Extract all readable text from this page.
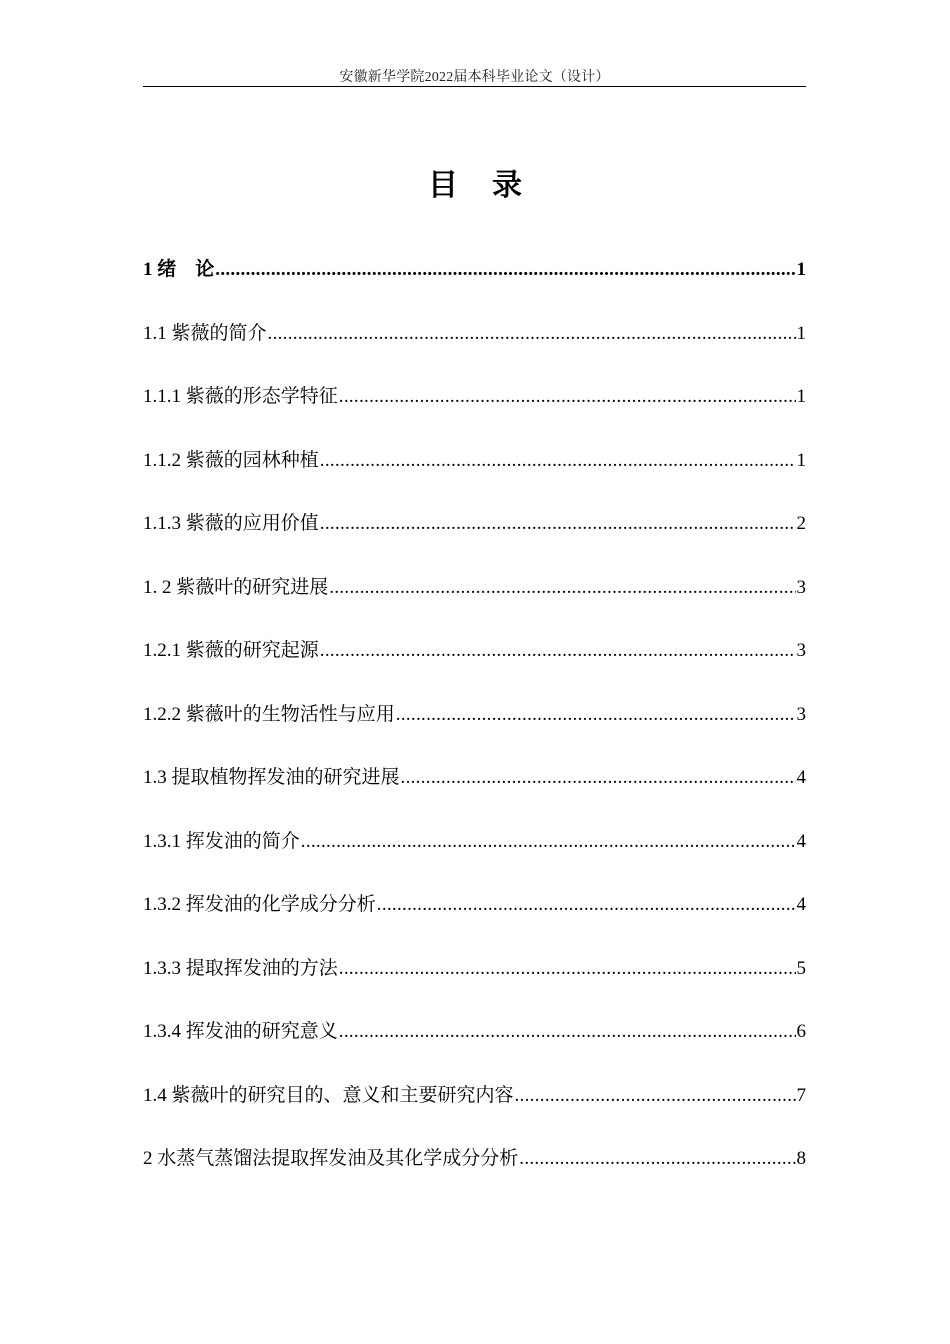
安徽新华学院2022届本科毕业论文（设计）
目录
1 绪　论 .....	1
1.1 紫薇的简介 .....	1
1.1.1 紫薇的形态学特征 .....	1
1.1.2 紫薇的园林种植 .....	1
1.1.3 紫薇的应用价值 .....	2
1. 2 紫薇叶的研究进展 .....	3
1.2.1 紫薇的研究起源 .....	3
1.2.2 紫薇叶的生物活性与应用 .....	3
1.3 提取植物挥发油的研究进展 .....	4
1.3.1 挥发油的简介 .....	4
1.3.2 挥发油的化学成分分析 .....	4
1.3.3 提取挥发油的方法 .....	5
1.3.4 挥发油的研究意义 .....	6
1.4 紫薇叶的研究目的、意义和主要研究内容 .....	7
2 水蒸气蒸馏法提取挥发油及其化学成分分析 .....	8
